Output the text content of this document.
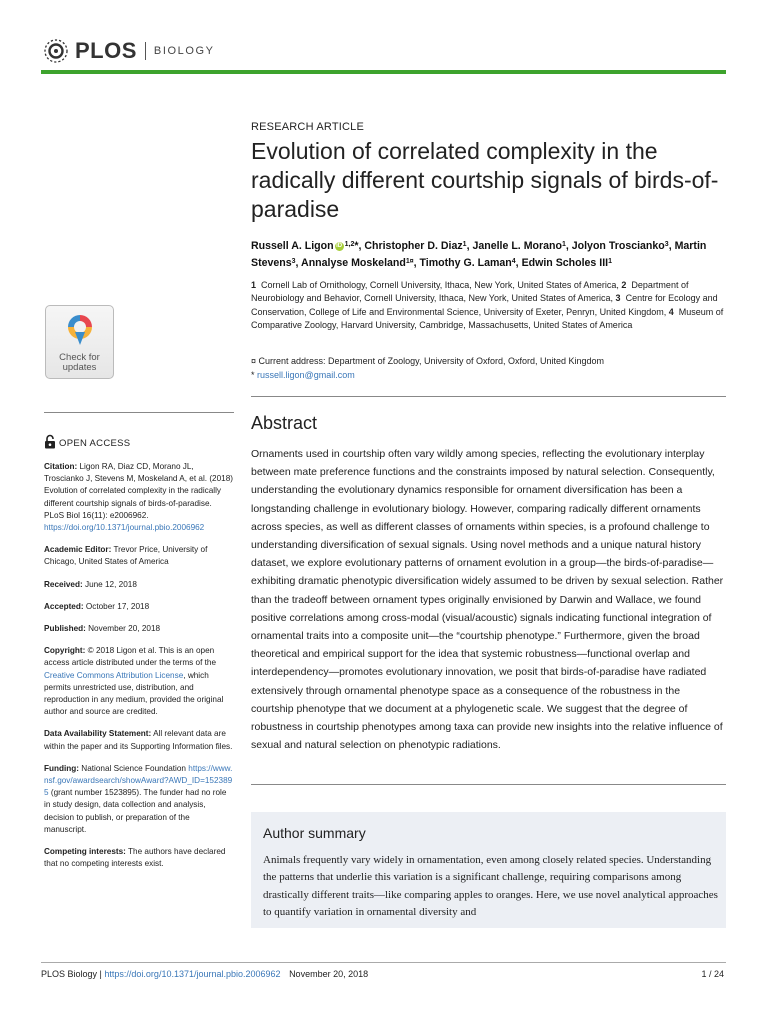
PLOS BIOLOGY
RESEARCH ARTICLE
Evolution of correlated complexity in the radically different courtship signals of birds-of-paradise
Russell A. Ligon iD $^{1,2}$*, Christopher D. Diaz$^1$, Janelle L. Morano$^1$, Jolyon Troscianko$^3$, Martin Stevens$^3$, Annalyse Moskeland$^{1¤}$, Timothy G. Laman$^4$, Edwin Scholes III$^1$
1 Cornell Lab of Ornithology, Cornell University, Ithaca, New York, United States of America, 2 Department of Neurobiology and Behavior, Cornell University, Ithaca, New York, United States of America, 3 Centre for Ecology and Conservation, College of Life and Environmental Science, University of Exeter, Penryn, United Kingdom, 4 Museum of Comparative Zoology, Harvard University, Cambridge, Massachusetts, United States of America
¤ Current address: Department of Zoology, University of Oxford, Oxford, United Kingdom
* russell.ligon@gmail.com
Check for
updates
OPEN ACCESS

Citation: Ligon RA, Diaz CD, Morano JL, Troscianko J, Stevens M, Moskeland A, et al. (2018) Evolution of correlated complexity in the radically different courtship signals of birds-of-paradise. PLoS Biol 16(11): e2006962. https://doi.org/10.1371/journal.pbio.2006962

Academic Editor: Trevor Price, University of Chicago, United States of America

Received: June 12, 2018

Accepted: October 17, 2018

Published: November 20, 2018

Copyright: © 2018 Ligon et al. This is an open access article distributed under the terms of the Creative Commons Attribution License, which permits unrestricted use, distribution, and reproduction in any medium, provided the original author and source are credited.

Data Availability Statement: All relevant data are within the paper and its Supporting Information files.

Funding: National Science Foundation https://www.nsf.gov/awardsearch/showAward?AWD_ID=1523895 (grant number 1523895). The funder had no role in study design, data collection and analysis, decision to publish, or preparation of the manuscript.

Competing interests: The authors have declared that no competing interests exist.

Abstract

Ornaments used in courtship often vary wildly among species, reflecting the evolutionary interplay between mate preference functions and the constraints imposed by natural selection. Consequently, understanding the evolutionary dynamics responsible for ornament diversification has been a longstanding challenge in evolutionary biology. However, comparing radically different ornaments across species, as well as different classes of ornaments within species, is a profound challenge to understanding diversification of sexual signals. Using novel methods and a unique natural history dataset, we explore evolutionary patterns of ornament evolution in a group—the birds-of-paradise—exhibiting dramatic phenotypic diversification widely assumed to be driven by sexual selection. Rather than the tradeoff between ornament types originally envisioned by Darwin and Wallace, we found positive correlations among cross-modal (visual/acoustic) signals indicating functional integration of ornamental traits into a composite unit—the “courtship phenotype.” Furthermore, given the broad theoretical and empirical support for the idea that systemic robustness—functional overlap and interdependency—promotes evolutionary innovation, we posit that birds-of-paradise have radiated extensively through ornamental phenotype space as a consequence of the robustness in the courtship phenotype that we document at a phylogenetic scale. We suggest that the degree of robustness in courtship phenotypes among taxa can provide new insights into the relative influence of sexual and natural selection on phenotypic radiations.

Author summary

Animals frequently vary widely in ornamentation, even among closely related species. Understanding the patterns that underlie this variation is a significant challenge, requiring comparisons among drastically different traits—like comparing apples to oranges. Here, we use novel analytical approaches to quantify variation in ornamental diversity and

PLOS Biology | https://doi.org/10.1371/journal.pbio.2006962 November 20, 2018	1 / 24
